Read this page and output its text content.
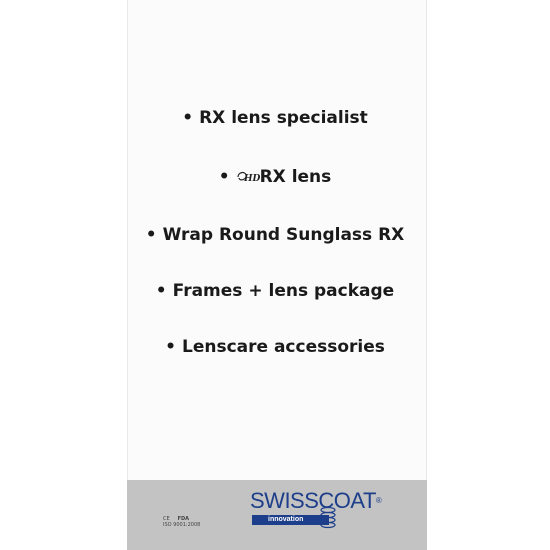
• RX lens specialist
• HD RX lens
• Wrap Round Sunglass RX
• Frames + lens package
• Lenscare accessories
CE FDA
ISO 9001:2008
SWISSCOAT®
innovation
